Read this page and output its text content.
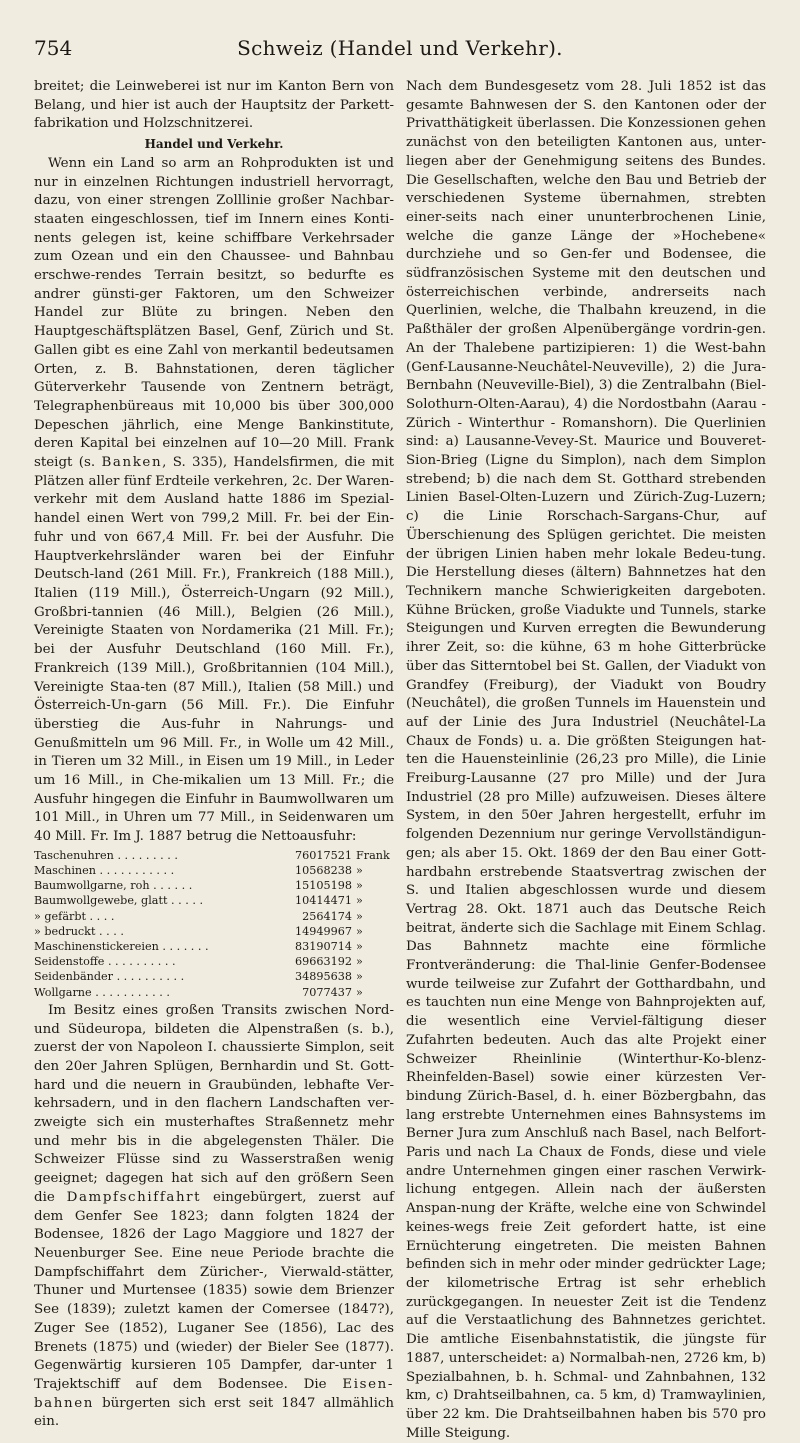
754	Schweiz (Handel und Verkehr).

breitet; die Leinweberei ist nur im Kanton Bern von Belang, und hier ist auch der Hauptsitz der Parkett-fabrikation und Holzschnitzerei.

Handel und Verkehr.

Wenn ein Land so arm an Rohprodukten ist und nur in einzelnen Richtungen industriell hervorragt, dazu, von einer strengen Zolllinie großer Nachbar-staaten eingeschlossen, tief im Innern eines Konti-nents gelegen ist, keine schiffbare Verkehrsader zum Ozean und ein den Chaussee- und Bahnbau erschwe-rendes Terrain besitzt, so bedurfte es andrer günsti-ger Faktoren, um den Schweizer Handel zur Blüte zu bringen. Neben den Hauptgeschäftsplätzen Basel, Genf, Zürich und St. Gallen gibt es eine Zahl von merkantil bedeutsamen Orten, z. B. Bahnstationen, deren täglicher Güterverkehr Tausende von Zentnern beträgt, Telegraphenbüreaus mit 10,000 bis über 300,000 Depeschen jährlich, eine Menge Bankinstitute, deren Kapital bei einzelnen auf 10—20 Mill. Frank steigt (s. Banken, S. 335), Handelsfirmen, die mit Plätzen aller fünf Erdteile verkehren, 2c. Der Waren-verkehr mit dem Ausland hatte 1886 im Spezial-handel einen Wert von 799,2 Mill. Fr. bei der Ein-fuhr und von 667,4 Mill. Fr. bei der Ausfuhr. Die Hauptverkehrsländer waren bei der Einfuhr Deutsch-land (261 Mill. Fr.), Frankreich (188 Mill.), Italien (119 Mill.), Österreich-Ungarn (92 Mill.), Großbri-tannien (46 Mill.), Belgien (26 Mill.), Vereinigte Staaten von Nordamerika (21 Mill. Fr.); bei der Ausfuhr Deutschland (160 Mill. Fr.), Frankreich (139 Mill.), Großbritannien (104 Mill.), Vereinigte Staa-ten (87 Mill.), Italien (58 Mill.) und Österreich-Un-garn (56 Mill. Fr.). Die Einfuhr überstieg die Aus-fuhr in Nahrungs- und Genußmitteln um 96 Mill. Fr., in Wolle um 42 Mill., in Tieren um 32 Mill., in Eisen um 19 Mill., in Leder um 16 Mill., in Che-mikalien um 13 Mill. Fr.; die Ausfuhr hingegen die Einfuhr in Baumwollwaren um 101 Mill., in Uhren um 77 Mill., in Seidenwaren um 40 Mill. Fr. Im J. 1887 betrug die Nettoausfuhr:

Taschenuhren . . . . . . . . .	76017521	Frank
Maschinen . . . . . . . . . . .	10568238	»
Baumwollgarne, roh . . . . . .	15105198	»
Baumwollgewebe, glatt . . . . .	10414471	»
» gefärbt . . . .	2564174	»
» bedruckt . . . .	14949967	»
Maschinenstickereien . . . . . . .	83190714	»
Seidenstoffe . . . . . . . . . .	69663192	»
Seidenbänder . . . . . . . . . .	34895638	»
Wollgarne . . . . . . . . . . .	7077437	»

Im Besitz eines großen Transits zwischen Nord- und Südeuropa, bildeten die Alpenstraßen (s. b.), zuerst der von Napoleon I. chaussierte Simplon, seit den 20er Jahren Splügen, Bernhardin und St. Gott-hard und die neuern in Graubünden, lebhafte Ver-kehrsadern, und in den flachern Landschaften ver-zweigte sich ein musterhaftes Straßennetz mehr und mehr bis in die abgelegensten Thäler. Die Schweizer Flüsse sind zu Wasserstraßen wenig geeignet; dagegen hat sich auf den größern Seen die Dampfschiffahrt eingebürgert, zuerst auf dem Genfer See 1823; dann folgten 1824 der Bodensee, 1826 der Lago Maggiore und 1827 der Neuenburger See. Eine neue Periode brachte die Dampfschiffahrt dem Züricher-, Vierwald-stätter, Thuner und Murtensee (1835) sowie dem Brienzer See (1839); zuletzt kamen der Comersee (1847?), Zuger See (1852), Luganer See (1856), Lac des Brenets (1875) und (wieder) der Bieler See (1877). Gegenwärtig kursieren 105 Dampfer, dar-unter 1 Trajektschiff auf dem Bodensee. Die Eisen-bahnen bürgerten sich erst seit 1847 allmählich ein.

Nach dem Bundesgesetz vom 28. Juli 1852 ist das gesamte Bahnwesen der S. den Kantonen oder der Privatthätigkeit überlassen. Die Konzessionen gehen zunächst von den beteiligten Kantonen aus, unter-liegen aber der Genehmigung seitens des Bundes. Die Gesellschaften, welche den Bau und Betrieb der verschiedenen Systeme übernahmen, strebten einer-seits nach einer ununterbrochenen Linie, welche die ganze Länge der »Hochebene« durchziehe und so Gen-fer und Bodensee, die südfranzösischen Systeme mit den deutschen und österreichischen verbinde, andrerseits nach Querlinien, welche, die Thalbahn kreuzend, in die Paßthäler der großen Alpenübergänge vordrin-gen. An der Thalebene partizipieren: 1) die West-bahn (Genf-Lausanne-Neuchâtel-Neuveville), 2) die Jura-Bernbahn (Neuveville-Biel), 3) die Zentralbahn (Biel-Solothurn-Olten-Aarau), 4) die Nordostbahn (Aarau - Zürich - Winterthur - Romanshorn). Die Querlinien sind: a) Lausanne-Vevey-St. Maurice und Bouveret-Sion-Brieg (Ligne du Simplon), nach dem Simplon strebend; b) die nach dem St. Gotthard strebenden Linien Basel-Olten-Luzern und Zürich-Zug-Luzern; c) die Linie Rorschach-Sargans-Chur, auf Überschienung des Splügen gerichtet. Die meisten der übrigen Linien haben mehr lokale Bedeu-tung. Die Herstellung dieses (ältern) Bahnnetzes hat den Technikern manche Schwierigkeiten dargeboten. Kühne Brücken, große Viadukte und Tunnels, starke Steigungen und Kurven erregten die Bewunderung ihrer Zeit, so: die kühne, 63 m hohe Gitterbrücke über das Sitterntobel bei St. Gallen, der Viadukt von Grandfey (Freiburg), der Viadukt von Boudry (Neuchâtel), die großen Tunnels im Hauenstein und auf der Linie des Jura Industriel (Neuchâtel-La Chaux de Fonds) u. a. Die größten Steigungen hat-ten die Hauensteinlinie (26,23 pro Mille), die Linie Freiburg-Lausanne (27 pro Mille) und der Jura Industriel (28 pro Mille) aufzuweisen. Dieses ältere System, in den 50er Jahren hergestellt, erfuhr im folgenden Dezennium nur geringe Vervollständigun-gen; als aber 15. Okt. 1869 der den Bau einer Gott-hardbahn erstrebende Staatsvertrag zwischen der S. und Italien abgeschlossen wurde und diesem Vertrag 28. Okt. 1871 auch das Deutsche Reich beitrat, änderte sich die Sachlage mit Einem Schlag. Das Bahnnetz machte eine förmliche Frontveränderung: die Thal-linie Genfer-Bodensee wurde teilweise zur Zufahrt der Gotthardbahn, und es tauchten nun eine Menge von Bahnprojekten auf, die wesentlich eine Verviel-fältigung dieser Zufahrten bedeuten. Auch das alte Projekt einer Schweizer Rheinlinie (Winterthur-Ko-blenz-Rheinfelden-Basel) sowie einer kürzesten Ver-bindung Zürich-Basel, d. h. einer Bözbergbahn, das lang erstrebte Unternehmen eines Bahnsystems im Berner Jura zum Anschluß nach Basel, nach Belfort-Paris und nach La Chaux de Fonds, diese und viele andre Unternehmen gingen einer raschen Verwirk-lichung entgegen. Allein nach der äußersten Anspan-nung der Kräfte, welche eine von Schwindel keines-wegs freie Zeit gefordert hatte, ist eine Ernüchterung eingetreten. Die meisten Bahnen befinden sich in mehr oder minder gedrückter Lage; der kilometrische Ertrag ist sehr erheblich zurückgegangen. In neuester Zeit ist die Tendenz auf die Verstaatlichung des Bahnnetzes gerichtet. Die amtliche Eisenbahnstatistik, die jüngste für 1887, unterscheidet: a) Normalbah-nen, 2726 km, b) Spezialbahnen, b. h. Schmal- und Zahnbahnen, 132 km, c) Drahtseilbahnen, ca. 5 km, d) Tramwaylinien, über 22 km. Die Drahtseilbahnen haben bis 570 pro Mille Steigung.
